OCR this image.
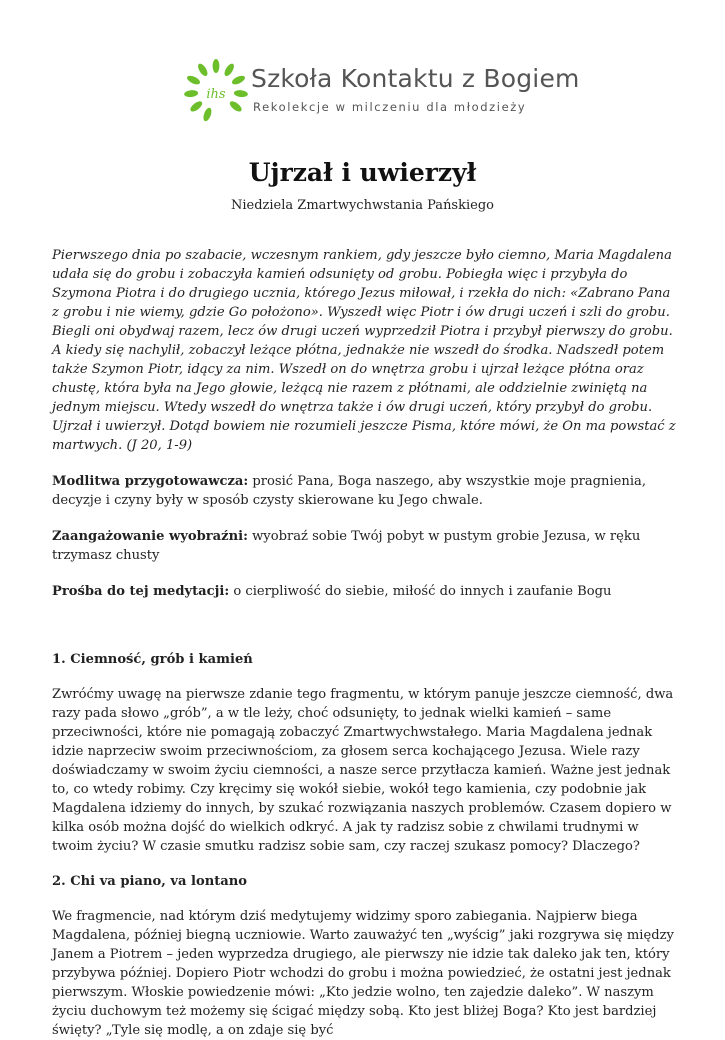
ihs
Szkoła Kontaktu z Bogiem
Rekolekcje w milczeniu dla młodzieży
Ujrzał i uwierzył
Niedziela Zmartwychwstania Pańskiego

Pierwszego dnia po szabacie, wczesnym rankiem, gdy jeszcze było ciemno, Maria Magdalena udała się do grobu i zobaczyła kamień odsunięty od grobu. Pobiegła więc i przybyła do Szymona Piotra i do drugiego ucznia, którego Jezus miłował, i rzekła do nich: «Zabrano Pana z grobu i nie wiemy, gdzie Go położono». Wyszedł więc Piotr i ów drugi uczeń i szli do grobu. Biegli oni obydwaj razem, lecz ów drugi uczeń wyprzedził Piotra i przybył pierwszy do grobu.

A kiedy się nachylił, zobaczył leżące płótna, jednakże nie wszedł do środka. Nadszedł potem także Szymon Piotr, idący za nim. Wszedł on do wnętrza grobu i ujrzał leżące płótna oraz chustę, która była na Jego głowie, leżącą nie razem z płótnami, ale oddzielnie zwiniętą na jednym miejscu. Wtedy wszedł do wnętrza także i ów drugi uczeń, który przybył do grobu. Ujrzał i uwierzył. Dotąd bowiem nie rozumieli jeszcze Pisma, które mówi, że On ma powstać z martwych. (J 20, 1-9)

Modlitwa przygotowawcza: prosić Pana, Boga naszego, aby wszystkie moje pragnienia, decyzje i czyny były w sposób czysty skierowane ku Jego chwale.

Zaangażowanie wyobraźni: wyobraź sobie Twój pobyt w pustym grobie Jezusa, w ręku trzymasz chusty

Prośba do tej medytacji: o cierpliwość do siebie, miłość do innych i zaufanie Bogu

1. Ciemność, grób i kamień

Zwróćmy uwagę na pierwsze zdanie tego fragmentu, w którym panuje jeszcze ciemność, dwa razy pada słowo „grób”, a w tle leży, choć odsunięty, to jednak wielki kamień – same przeciwności, które nie pomagają zobaczyć Zmartwychwstałego. Maria Magdalena jednak idzie naprzeciw swoim przeciwnościom, za głosem serca kochającego Jezusa. Wiele razy doświadczamy w swoim życiu ciemności, a nasze serce przytłacza kamień. Ważne jest jednak to, co wtedy robimy. Czy kręcimy się wokół siebie, wokół tego kamienia, czy podobnie jak Magdalena idziemy do innych, by szukać rozwiązania naszych problemów. Czasem dopiero w kilka osób można dojść do wielkich odkryć. A jak ty radzisz sobie z chwilami trudnymi w twoim życiu? W czasie smutku radzisz sobie sam, czy raczej szukasz pomocy? Dlaczego?

2. Chi va piano, va lontano

We fragmencie, nad którym dziś medytujemy widzimy sporo zabiegania. Najpierw biega Magdalena, później biegną uczniowie. Warto zauważyć ten „wyścig” jaki rozgrywa się między Janem a Piotrem – jeden wyprzedza drugiego, ale pierwszy nie idzie tak daleko jak ten, który przybywa później. Dopiero Piotr wchodzi do grobu i można powiedzieć, że ostatni jest jednak pierwszym. Włoskie powiedzenie mówi: „Kto jedzie wolno, ten zajedzie daleko”. W naszym życiu duchowym też możemy się ścigać między sobą. Kto jest bliżej Boga? Kto jest bardziej święty? „Tyle się modlę, a on zdaje się być
